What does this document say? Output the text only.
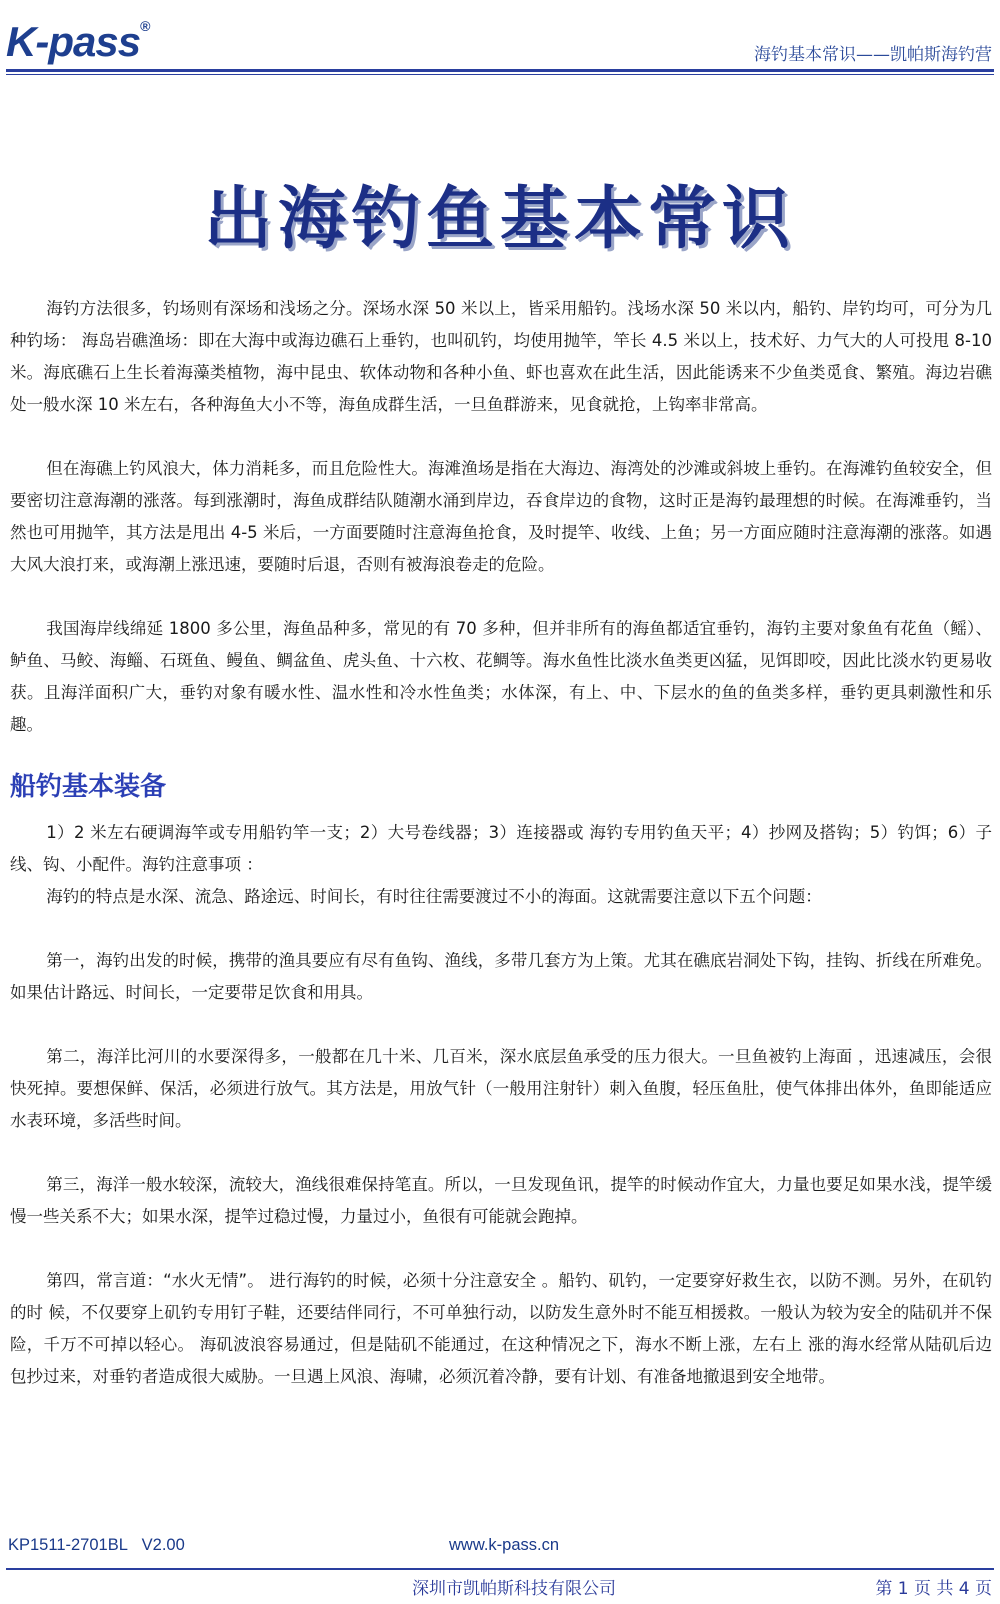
K-pass®
海钓基本常识——凯帕斯海钓营
出海钓鱼基本常识

海钓方法很多，钓场则有深场和浅场之分。深场水深 50 米以上，皆采用船钓。浅场水深 50 米以内，船钓、岸钓均可，可分为几种钓场： 海岛岩礁渔场：即在大海中或海边礁石上垂钓，也叫矶钓，均使用抛竿，竿长 4.5 米以上，技术好、力气大的人可投甩 8-10 米。海底礁石上生长着海藻类植物，海中昆虫、软体动物和各种小鱼、虾也喜欢在此生活，因此能诱来不少鱼类觅食、繁殖。海边岩礁处一般水深 10 米左右，各种海鱼大小不等，海鱼成群生活，一旦鱼群游来，见食就抢，上钩率非常高。

但在海礁上钓风浪大，体力消耗多，而且危险性大。海滩渔场是指在大海边、海湾处的沙滩或斜坡上垂钓。在海滩钓鱼较安全，但要密切注意海潮的涨落。每到涨潮时，海鱼成群结队随潮水涌到岸边，吞食岸边的食物，这时正是海钓最理想的时候。在海滩垂钓，当然也可用抛竿，其方法是甩出 4-5 米后，一方面要随时注意海鱼抢食，及时提竿、收线、上鱼；另一方面应随时注意海潮的涨落。如遇大风大浪打来，或海潮上涨迅速，要随时后退，否则有被海浪卷走的危险。

我国海岸线绵延 1800 多公里，海鱼品种多，常见的有 70 多种，但并非所有的海鱼都适宜垂钓，海钓主要对象鱼有花鱼（鳐）、鲈鱼、马鲛、海鲻、石斑鱼、鳗鱼、鲷盆鱼、虎头鱼、十六枚、花鲷等。海水鱼性比淡水鱼类更凶猛，见饵即咬，因此比淡水钓更易收获。且海洋面积广大，垂钓对象有暖水性、温水性和冷水性鱼类；水体深，有上、中、下层水的鱼的鱼类多样，垂钓更具刺激性和乐趣。

船钓基本装备

1）2 米左右硬调海竿或专用船钓竿一支；2）大号卷线器；3）连接器或 海钓专用钓鱼天平；4）抄网及搭钩；5）钓饵；6）子线、钩、小配件。海钓注意事项 ：

海钓的特点是水深、流急、路途远、时间长，有时往往需要渡过不小的海面。这就需要注意以下五个问题：

第一，海钓出发的时候，携带的渔具要应有尽有鱼钩、渔线，多带几套方为上策。尤其在礁底岩洞处下钩，挂钩、折线在所难免。 如果估计路远、时间长，一定要带足饮食和用具。

第二，海洋比河川的水要深得多，一般都在几十米、几百米，深水底层鱼承受的压力很大。一旦鱼被钓上海面 ，迅速减压，会很快死掉。要想保鲜、保活，必须进行放气。其方法是，用放气针（一般用注射针）刺入鱼腹，轻压鱼肚，使气体排出体外，鱼即能适应水表环境，多活些时间。

第三，海洋一般水较深，流较大，渔线很难保持笔直。所以，一旦发现鱼讯，提竿的时候动作宜大，力量也要足如果水浅，提竿缓慢一些关系不大；如果水深，提竿过稳过慢，力量过小，鱼很有可能就会跑掉。

第四，常言道：“水火无情”。 进行海钓的时候，必须十分注意安全 。船钓、矶钓，一定要穿好救生衣，以防不测。另外，在矶钓的时 候，不仅要穿上矶钓专用钉子鞋，还要结伴同行，不可单独行动，以防发生意外时不能互相援救。一般认为较为安全的陆矶并不保险，千万不可掉以轻心。 海矶波浪容易通过，但是陆矶不能通过，在这种情况之下，海水不断上涨，左右上 涨的海水经常从陆矶后边包抄过来，对垂钓者造成很大威胁。一旦遇上风浪、海啸，必须沉着冷静，要有计划、有准备地撤退到安全地带。

KP1511-2701BL V2.00	www.k-pass.cn
深圳市凯帕斯科技有限公司	第 1 页 共 4 页
